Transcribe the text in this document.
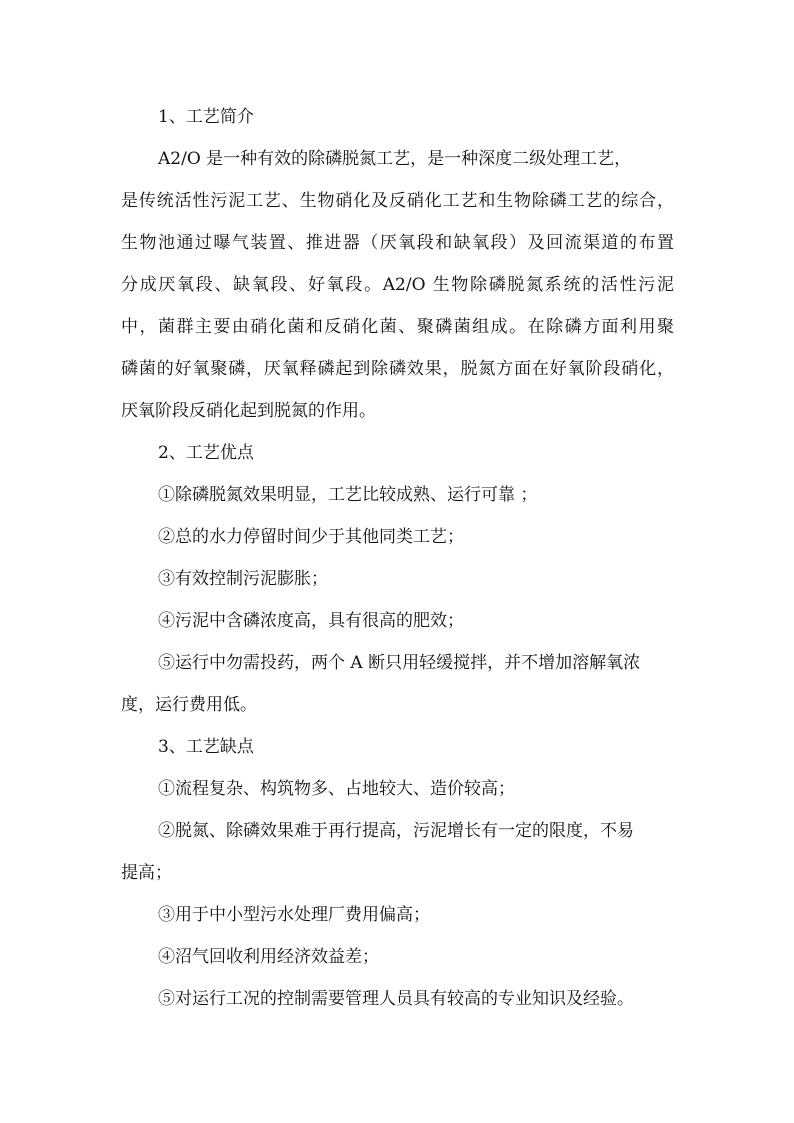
1、工艺简介
A2/O 是一种有效的除磷脱氮工艺，是一种深度二级处理工艺，
是传统活性污泥工艺、生物硝化及反硝化工艺和生物除磷工艺的综合，
生物池通过曝气装置、推进器（厌氧段和缺氧段）及回流渠道的布置
分成厌氧段、缺氧段、好氧段。A2/O 生物除磷脱氮系统的活性污泥
中，菌群主要由硝化菌和反硝化菌、聚磷菌组成。在除磷方面利用聚
磷菌的好氧聚磷，厌氧释磷起到除磷效果，脱氮方面在好氧阶段硝化，
厌氧阶段反硝化起到脱氮的作用。
2、工艺优点
①除磷脱氮效果明显，工艺比较成熟、运行可靠 ；
②总的水力停留时间少于其他同类工艺；
③有效控制污泥膨胀；
④污泥中含磷浓度高，具有很高的肥效；
⑤运行中勿需投药，两个 A 断只用轻缓搅拌，并不增加溶解氧浓
度，运行费用低。
3、工艺缺点
①流程复杂、构筑物多、占地较大、造价较高；
②脱氮、除磷效果难于再行提高，污泥增长有一定的限度，不易
提高；
③用于中小型污水处理厂费用偏高；
④沼气回收利用经济效益差；
⑤对运行工况的控制需要管理人员具有较高的专业知识及经验。
